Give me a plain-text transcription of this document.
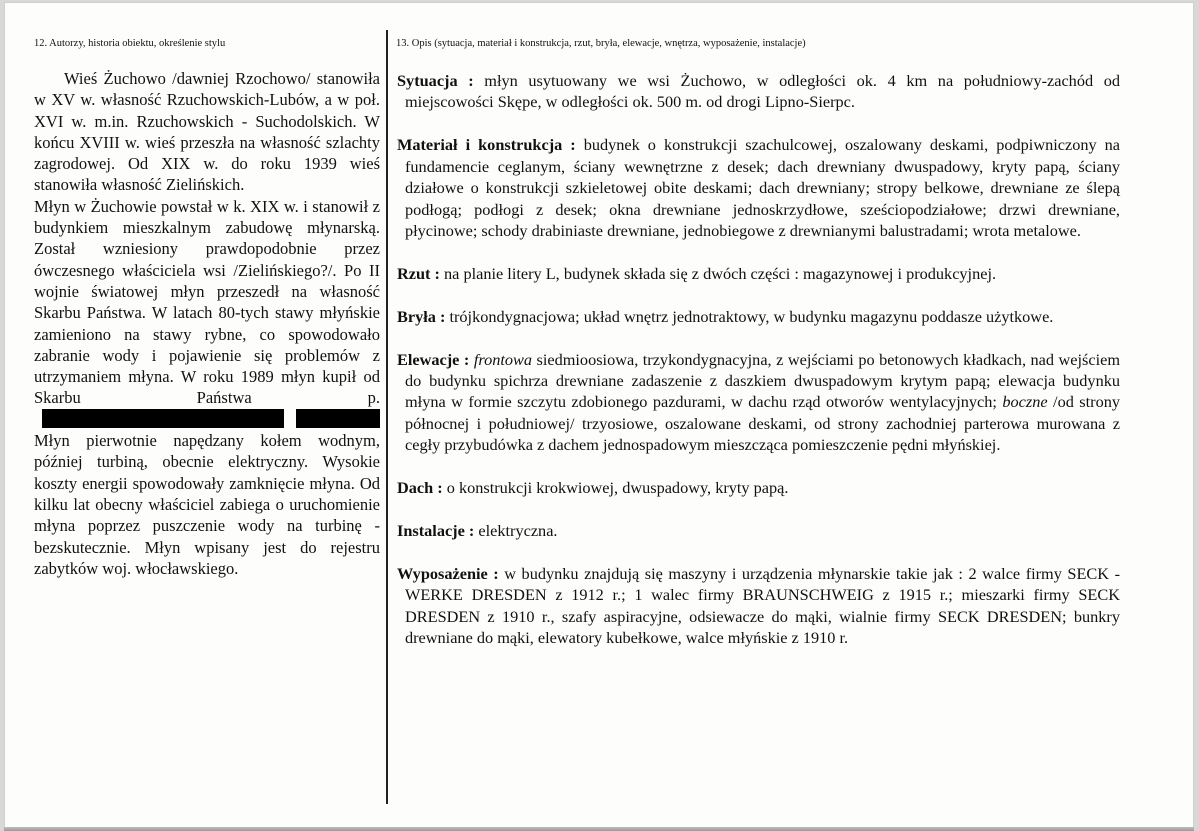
12. Autorzy, historia obiektu, określenie stylu	13. Opis (sytuacja, materiał i konstrukcja, rzut, bryła, elewacje, wnętrza, wyposażenie, instalacje)

Wieś Żuchowo /dawniej Rzochowo/ stanowiła w XV w. własność Rzuchowskich-Lubów, a w poł. XVI w. m.in. Rzuchowskich - Suchodolskich. W końcu XVIII w. wieś przeszła na własność szlachty zagrodowej. Od XIX w. do roku 1939 wieś stanowiła własność Zielińskich.

Młyn w Żuchowie powstał w k. XIX w. i stanowił z budynkiem mieszkalnym zabudowę młynarską. Został wzniesiony prawdopodobnie przez ówczesnego właściciela wsi /Zielińskiego?/. Po II wojnie światowej młyn przeszedł na własność Skarbu Państwa. W latach 80-tych stawy młyńskie zamieniono na stawy rybne, co spowodowało zabranie wody i pojawienie się problemów z utrzymaniem młyna. W roku 1989 młyn kupił od Skarbu Państwa p. Młyn pierwotnie napędzany kołem wodnym, później turbiną, obecnie elektryczny. Wysokie koszty energii spowodowały zamknięcie młyna. Od kilku lat obecny właściciel zabiega o uruchomienie młyna poprzez puszczenie wody na turbinę - bezskutecznie. Młyn wpisany jest do rejestru zabytków woj. włocławskiego.

Sytuacja : młyn usytuowany we wsi Żuchowo, w odległości ok. 4 km na południowy-zachód od miejscowości Skępe, w odległości ok. 500 m. od drogi Lipno-Sierpc.

Materiał i konstrukcja : budynek o konstrukcji szachulcowej, oszalowany deskami, podpiwniczony na fundamencie ceglanym, ściany wewnętrzne z desek; dach drewniany dwuspadowy, kryty papą, ściany działowe o konstrukcji szkieletowej obite deskami; dach drewniany; stropy belkowe, drewniane ze ślepą podłogą; podłogi z desek; okna drewniane jednoskrzydłowe, sześciopodziałowe; drzwi drewniane, płycinowe; schody drabiniaste drewniane, jednobiegowe z drewnianymi balustradami; wrota metalowe.

Rzut : na planie litery L, budynek składa się z dwóch części : magazynowej i produkcyjnej.

Bryła : trójkondygnacjowa; układ wnętrz jednotraktowy, w budynku magazynu poddasze użytkowe.

Elewacje : frontowa siedmioosiowa, trzykondygnacyjna, z wejściami po betonowych kładkach, nad wejściem do budynku spichrza drewniane zadaszenie z daszkiem dwuspadowym krytym papą; elewacja budynku młyna w formie szczytu zdobionego pazdurami, w dachu rząd otworów wentylacyjnych; boczne /od strony północnej i południowej/ trzyosiowe, oszalowane deskami, od strony zachodniej parterowa murowana z cegły przybudówka z dachem jednospadowym mieszcząca pomieszczenie pędni młyńskiej.

Dach : o konstrukcji krokwiowej, dwuspadowy, kryty papą.

Instalacje : elektryczna.

Wyposażenie : w budynku znajdują się maszyny i urządzenia młynarskie takie jak : 2 walce firmy SECK - WERKE DRESDEN z 1912 r.; 1 walec firmy BRAUNSCHWEIG z 1915 r.; mieszarki firmy SECK DRESDEN z 1910 r., szafy aspiracyjne, odsiewacze do mąki, wialnie firmy SECK DRESDEN; bunkry drewniane do mąki, elewatory kubełkowe, walce młyńskie z 1910 r.
